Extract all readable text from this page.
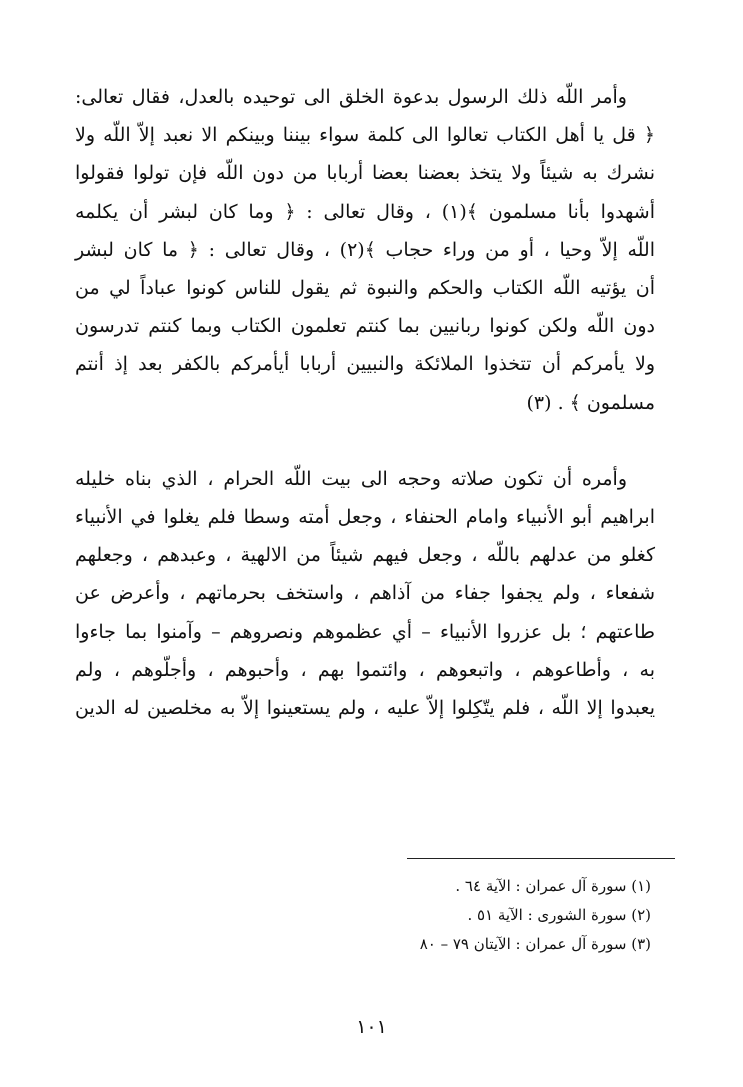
وأمر اللّه ذلك الرسول بدعوة الخلق الى توحيده بالعدل، فقال تعالى:
﴿ قل يا أهل الكتاب تعالوا الى كلمة سواء بيننا وبينكم الا نعبد إلاّ اللّه ولا
نشرك به شيئاً ولا يتخذ بعضنا بعضا أربابا من دون اللّه فإن تولوا فقولوا
أشهدوا بأنا مسلمون ﴾(١) ، وقال تعالى : ﴿ وما كان لبشر أن يكلمه
اللّه إلاّ وحيا ، أو من وراء حجاب ﴾(٢) ، وقال تعالى : ﴿ ما كان لبشر
أن يؤتيه اللّه الكتاب والحكم والنبوة ثم يقول للناس كونوا عباداً لي من
دون اللّه ولكن كونوا ربانيين بما كنتم تعلمون الكتاب وبما كنتم تدرسون
ولا يأمركم أن تتخذوا الملائكة والنبيين أربابا أيأمركم بالكفر بعد إذ أنتم
مسلمون ﴾ . (٣)

وأمره أن تكون صلاته وحجه الى بيت اللّه الحرام ، الذي بناه خليله
ابراهيم أبو الأنبياء وامام الحنفاء ، وجعل أمته وسطا فلم يغلوا في الأنبياء
كغلو من عدلهم باللّه ، وجعل فيهم شيئاً من الالهية ، وعبدهم ، وجعلهم
شفعاء ، ولم يجفوا جفاء من آذاهم ، واستخف بحرماتهم ، وأعرض عن
طاعتهم ؛ بل عزروا الأنبياء – أي عظموهم ونصروهم – وآمنوا بما جاءوا
به ، وأطاعوهم ، واتبعوهم ، وائتموا بهم ، وأحبوهم ، وأجلّوهم ، ولم
يعبدوا إلا اللّه ، فلم يتّكِلوا إلاّ عليه ، ولم يستعينوا إلاّ به مخلصين له الدين

(١) سورة آل عمران : الآية ٦٤ .
(٢) سورة الشورى : الآية ٥١ .
(٣) سورة آل عمران : الآيتان ٧٩ – ٨٠
١٠١
